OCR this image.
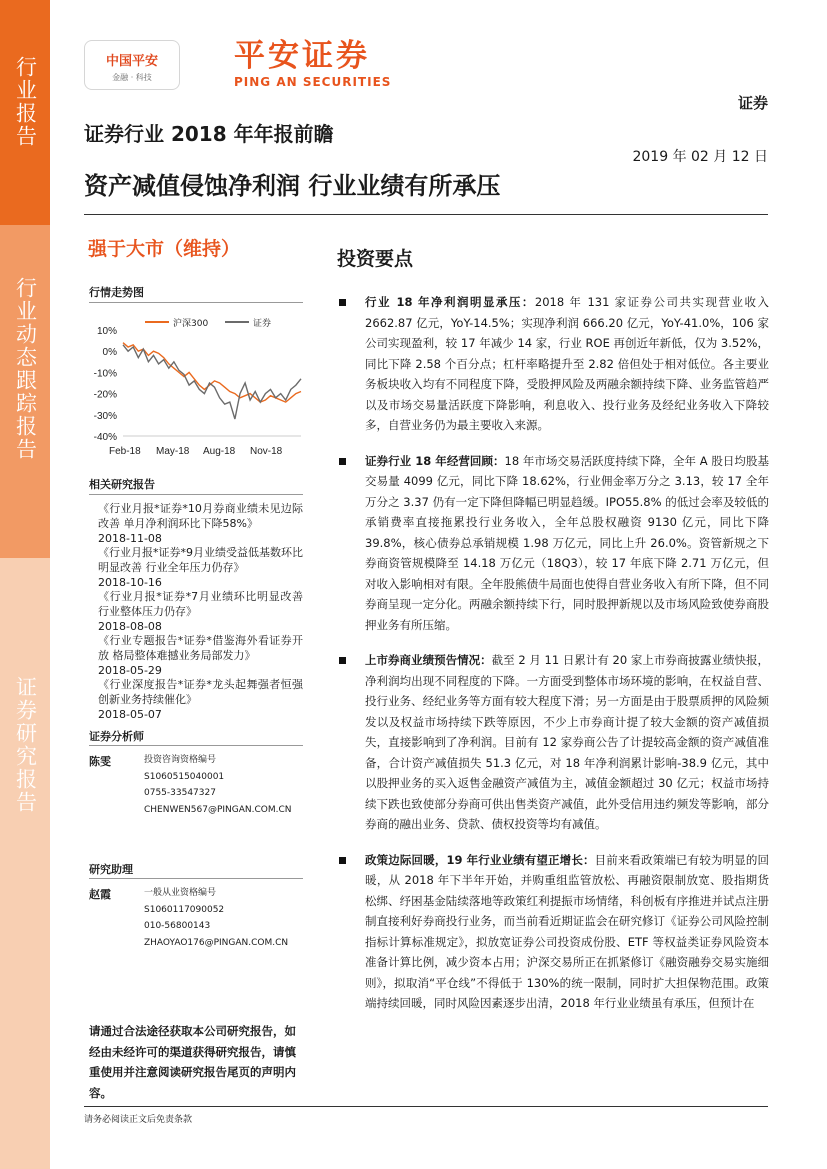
行业报告
行业动态跟踪报告
证券研究报告
中国平安
金融 · 科技
平安证券
PING AN SECURITIES
证券
证券行业 2018 年年报前瞻
2019 年 02 月 12 日
资产减值侵蚀净利润 行业业绩有所承压
强于大市（维持）	投资要点
行情走势图
10%
0%
-10%
-20%
-30%
-40%
Feb-18 May-18 Aug-18 Nov-18
沪深300	证券
相关研究报告
《行业月报*证券*10月券商业绩未见边际改善 单月净利润环比下降58%》
2018-11-08
《行业月报*证券*9月业绩受益低基数环比明显改善 行业全年压力仍存》
2018-10-16
《行业月报*证券*7月业绩环比明显改善 行业整体压力仍存》
2018-08-08
《行业专题报告*证券*借鉴海外看证券开放 格局整体难撼业务局部发力》
2018-05-29
《行业深度报告*证券*龙头起舞强者恒强 创新业务持续催化》
2018-05-07
证券分析师
陈雯	投资咨询资格编号
S1060515040001
0755-33547327
CHENWEN567@PINGAN.COM.CN
研究助理
赵霞	一般从业资格编号
S1060117090052
010-56800143
ZHAOYAO176@PINGAN.COM.CN
请通过合法途径获取本公司研究报告，如经由未经许可的渠道获得研究报告，请慎重使用并注意阅读研究报告尾页的声明内容。
行业 18 年净利润明显承压：2018 年 131 家证券公司共实现营业收入 2662.87 亿元，YoY-14.5%；实现净利润 666.20 亿元，YoY-41.0%，106 家公司实现盈利，较 17 年减少 14 家，行业 ROE 再创近年新低，仅为 3.52%，同比下降 2.58 个百分点；杠杆率略提升至 2.82 倍但处于相对低位。各主要业务板块收入均有不同程度下降，受股押风险及两融余额持续下降、业务监管趋严以及市场交易量活跃度下降影响，利息收入、投行业务及经纪业务收入下降较多，自营业务仍为最主要收入来源。
证券行业 18 年经营回顾：18 年市场交易活跃度持续下降，全年 A 股日均股基交易量 4099 亿元，同比下降 18.62%，行业佣金率万分之 3.13，较 17 全年万分之 3.37 仍有一定下降但降幅已明显趋缓。IPO55.8% 的低过会率及较低的承销费率直接拖累投行业务收入，全年总股权融资 9130 亿元，同比下降 39.8%，核心债券总承销规模 1.98 万亿元，同比上升 26.0%。资管新规之下券商资管规模降至 14.18 万亿元（18Q3），较 17 年底下降 2.71 万亿元，但对收入影响相对有限。全年股熊债牛局面也使得自营业务收入有所下降，但不同券商呈现一定分化。两融余额持续下行，同时股押新规以及市场风险致使券商股押业务有所压缩。
上市券商业绩预告情况：截至 2 月 11 日累计有 20 家上市券商披露业绩快报，净利润均出现不同程度的下降。一方面受到整体市场环境的影响，在权益自营、投行业务、经纪业务等方面有较大程度下滑；另一方面是由于股票质押的风险频发以及权益市场持续下跌等原因，不少上市券商计提了较大金额的资产减值损失，直接影响到了净利润。目前有 12 家券商公告了计提较高金额的资产减值准备，合计资产减值损失 51.3 亿元，对 18 年净利润累计影响-38.9 亿元，其中以股押业务的买入返售金融资产减值为主，减值金额超过 30 亿元；权益市场持续下跌也致使部分券商可供出售类资产减值，此外受信用违约频发等影响，部分券商的融出业务、贷款、债权投资等均有减值。
政策边际回暖，19 年行业业绩有望正增长：目前来看政策端已有较为明显的回暖，从 2018 年下半年开始，并购重组监管放松、再融资限制放宽、股指期货松绑、纾困基金陆续落地等政策红利提振市场情绪，科创板有序推进并试点注册制直接利好券商投行业务，而当前看近期证监会在研究修订《证券公司风险控制指标计算标准规定》，拟放宽证券公司投资成份股、ETF 等权益类证券风险资本准备计算比例，减少资本占用；沪深交易所正在抓紧修订《融资融券交易实施细则》，拟取消“平仓线”不得低于 130%的统一限制，同时扩大担保物范围。政策端持续回暖，同时风险因素逐步出清，2018 年行业业绩虽有承压，但预计在
请务必阅读正文后免责条款
